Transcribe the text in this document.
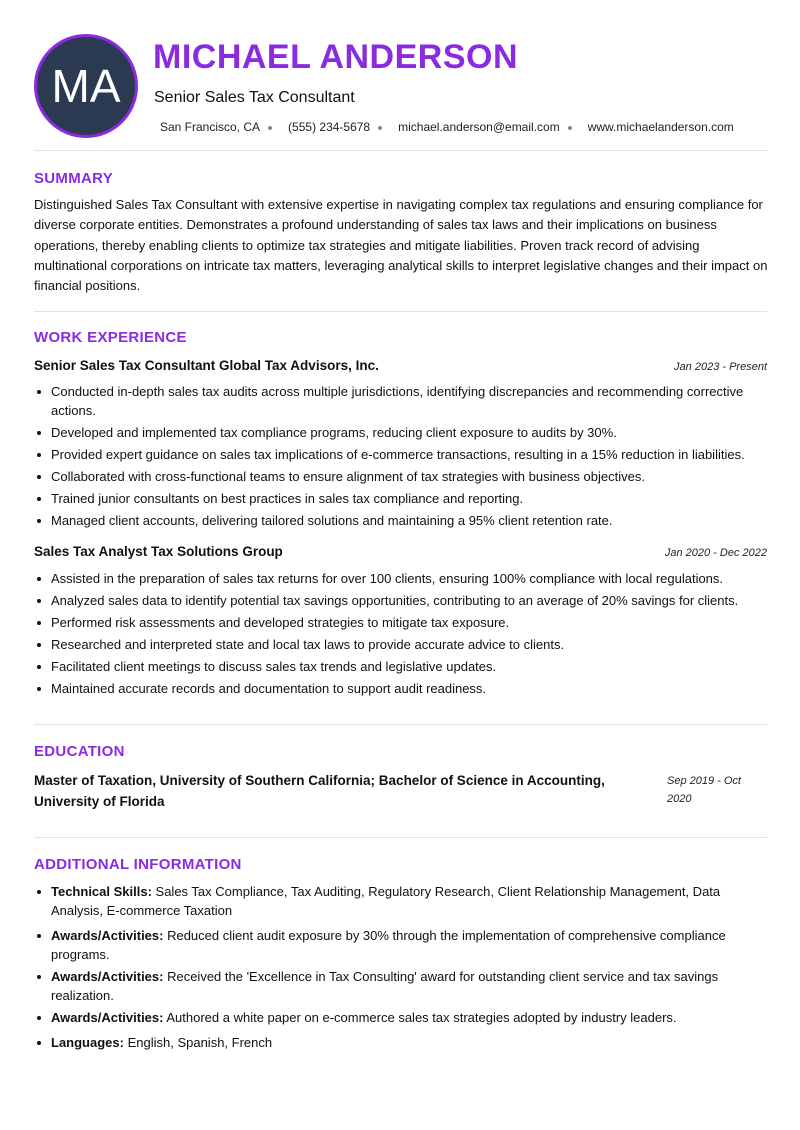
MA
MICHAEL ANDERSON
Senior Sales Tax Consultant
San Francisco, CA (555) 234-5678 michael.anderson@email.com www.michaelanderson.com
SUMMARY
Distinguished Sales Tax Consultant with extensive expertise in navigating complex tax regulations and ensuring compliance for diverse corporate entities. Demonstrates a profound understanding of sales tax laws and their implications on business operations, thereby enabling clients to optimize tax strategies and mitigate liabilities. Proven track record of advising multinational corporations on intricate tax matters, leveraging analytical skills to interpret legislative changes and their impact on financial positions.
WORK EXPERIENCE
Senior Sales Tax Consultant Global Tax Advisors, Inc.	Jan 2023 - Present
Conducted in-depth sales tax audits across multiple jurisdictions, identifying discrepancies and recommending corrective actions.
Developed and implemented tax compliance programs, reducing client exposure to audits by 30%.
Provided expert guidance on sales tax implications of e-commerce transactions, resulting in a 15% reduction in liabilities.
Collaborated with cross-functional teams to ensure alignment of tax strategies with business objectives.
Trained junior consultants on best practices in sales tax compliance and reporting.
Managed client accounts, delivering tailored solutions and maintaining a 95% client retention rate.
Sales Tax Analyst Tax Solutions Group	Jan 2020 - Dec 2022
Assisted in the preparation of sales tax returns for over 100 clients, ensuring 100% compliance with local regulations.
Analyzed sales data to identify potential tax savings opportunities, contributing to an average of 20% savings for clients.
Performed risk assessments and developed strategies to mitigate tax exposure.
Researched and interpreted state and local tax laws to provide accurate advice to clients.
Facilitated client meetings to discuss sales tax trends and legislative updates.
Maintained accurate records and documentation to support audit readiness.
EDUCATION
Master of Taxation, University of Southern California; Bachelor of Science in Accounting, University of Florida
Sep 2019 - Oct 2020
ADDITIONAL INFORMATION
Technical Skills: Sales Tax Compliance, Tax Auditing, Regulatory Research, Client Relationship Management, Data Analysis, E-commerce Taxation
Awards/Activities: Reduced client audit exposure by 30% through the implementation of comprehensive compliance programs.
Awards/Activities: Received the 'Excellence in Tax Consulting' award for outstanding client service and tax savings realization.
Awards/Activities: Authored a white paper on e-commerce sales tax strategies adopted by industry leaders.
Languages: English, Spanish, French
